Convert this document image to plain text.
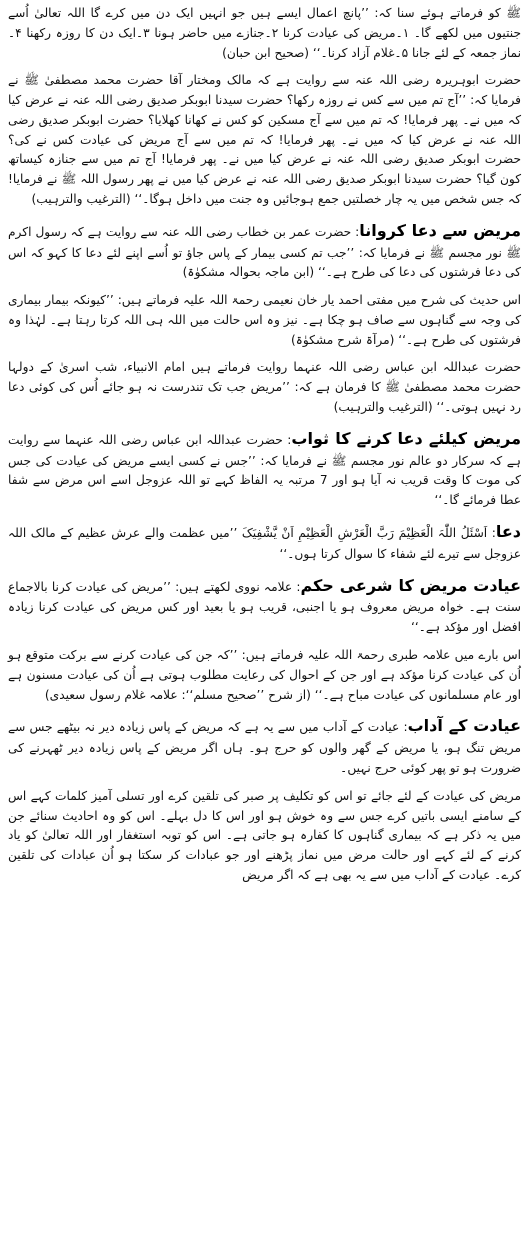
ﷺ کو فرماتے ہوئے سنا کہ: ’’پانچ اعمال ایسے ہیں جو انہیں ایک دن میں کرے گا اللہ تعالیٰ اُسے جنتیوں میں لکھے گا۔ ۱۔مریض کی عیادت کرنا ۲۔جنازے میں حاضر ہونا ۳۔ایک دن کا روزہ رکھنا ۴۔نماز جمعہ کے لئے جانا ۵۔غلام آزاد کرنا۔‘‘ (صحیح ابن حبان)

حضرت ابوہریرہ رضی اللہ عنہ سے روایت ہے کہ مالک ومختار آقا حضرت محمد مصطفیٰ ﷺ نے فرمایا کہ: ’’آج تم میں سے کس نے روزہ رکھا؟ حضرت سیدنا ابوبکر صدیق رضی اللہ عنہ نے عرض کیا کہ میں نے۔ پھر فرمایا! کہ تم میں سے آج مسکین کو کس نے کھانا کھلایا؟ حضرت ابوبکر صدیق رضی اللہ عنہ نے عرض کیا کہ میں نے۔ پھر فرمایا! کہ تم میں سے آج مریض کی عیادت کس نے کی؟ حضرت ابوبکر صدیق رضی اللہ عنہ نے عرض کیا میں نے۔ پھر فرمایا! آج تم میں سے جنازہ کیساتھ کون گیا؟ حضرت سیدنا ابوبکر صدیق رضی اللہ عنہ نے عرض کیا میں نے پھر رسول اللہ ﷺ نے فرمایا! کہ جس شخص میں یہ چار خصلتیں جمع ہوجائیں وہ جنت میں داخل ہوگا۔‘‘ (الترغیب والترہیب)

مریض سے دعا کروانا: حضرت عمر بن خطاب رضی اللہ عنہ سے روایت ہے کہ رسول اکرم ﷺ نور مجسم ﷺ نے فرمایا کہ: ’’جب تم کسی بیمار کے پاس جاؤ تو اُسے اپنے لئے دعا کا کہو کہ اس کی دعا فرشتوں کی دعا کی طرح ہے۔‘‘ (ابن ماجہ بحوالہ مشکوٰۃ)

اس حدیث کی شرح میں مفتی احمد یار خان نعیمی رحمۃ اللہ علیہ فرماتے ہیں: ’’کیونکہ بیمار بیماری کی وجہ سے گناہوں سے صاف ہو چکا ہے۔ نیز وہ اس حالت میں اللہ ہی اللہ کرتا رہتا ہے۔ لہٰذا وہ فرشتوں کی طرح ہے۔‘‘ (مرآۃ شرح مشکوٰۃ)

حضرت عبداللہ ابن عباس رضی اللہ عنہما روایت فرماتے ہیں امام الانبیاء، شب اسریٰ کے دولہا حضرت محمد مصطفیٰ ﷺ کا فرمان ہے کہ: ’’مریض جب تک تندرست نہ ہو جائے اُس کی کوئی دعا رد نہیں ہوتی۔‘‘ (الترغیب والترہیب)

مریض کیلئے دعا کرنے کا ثواب: حضرت عبداللہ ابن عباس رضی اللہ عنہما سے روایت ہے کہ سرکار دو عالم نور مجسم ﷺ نے فرمایا کہ: ’’جس نے کسی ایسے مریض کی عیادت کی جس کی موت کا وقت قریب نہ آیا ہو اور 7 مرتبہ یہ الفاظ کہے تو اللہ عزوجل اسے اس مرض سے شفا عطا فرمائے گا۔‘‘

دعا: اَسْئَلُ اللّٰہَ الْعَظِیْمَ رَبَّ الْعَرْشِ الْعَظِیْمِ اَنْ یَّشْفِیَکَ ’’میں عظمت والے عرش عظیم کے مالک اللہ عزوجل سے تیرے لئے شفاء کا سوال کرتا ہوں۔‘‘

عیادت مریض کا شرعی حکم: علامہ نووی لکھتے ہیں: ’’مریض کی عیادت کرنا بالاجماع سنت ہے۔ خواہ مریض معروف ہو یا اجنبی، قریب ہو یا بعید اور کس مریض کی عیادت کرنا زیادہ افضل اور مؤکد ہے۔‘‘

اس بارے میں علامہ طبری رحمۃ اللہ علیہ فرماتے ہیں: ’’کہ جن کی عیادت کرنے سے برکت متوقع ہو اُن کی عیادت کرنا مؤکد ہے اور جن کے احوال کی رعایت مطلوب ہوتی ہے اُن کی عیادت مسنون ہے اور عام مسلمانوں کی عیادت مباح ہے۔‘‘ (از شرح ’’صحیح مسلم‘‘: علامہ غلام رسول سعیدی)

عیادت کے آداب: عیادت کے آداب میں سے یہ ہے کہ مریض کے پاس زیادہ دیر نہ بیٹھے جس سے مریض تنگ ہو، یا مریض کے گھر والوں کو حرج ہو۔ ہاں اگر مریض کے پاس زیادہ دیر ٹھہرنے کی ضرورت ہو تو پھر کوئی حرج نہیں۔

مریض کی عیادت کے لئے جائے تو اس کو تکلیف پر صبر کی تلقین کرے اور تسلی آمیز کلمات کہے اس کے سامنے ایسی باتیں کرے جس سے وہ خوش ہو اور اس کا دل بہلے۔ اس کو وہ احادیث سنائے جن میں یہ ذکر ہے کہ بیماری گناہوں کا کفارہ ہو جاتی ہے۔ اس کو توبہ استغفار اور اللہ تعالیٰ کو یاد کرنے کے لئے کہے اور حالت مرض میں نماز پڑھنے اور جو عبادات کر سکتا ہو اُن عبادات کی تلقین کرے۔ عیادت کے آداب میں سے یہ بھی ہے کہ اگر مریض
